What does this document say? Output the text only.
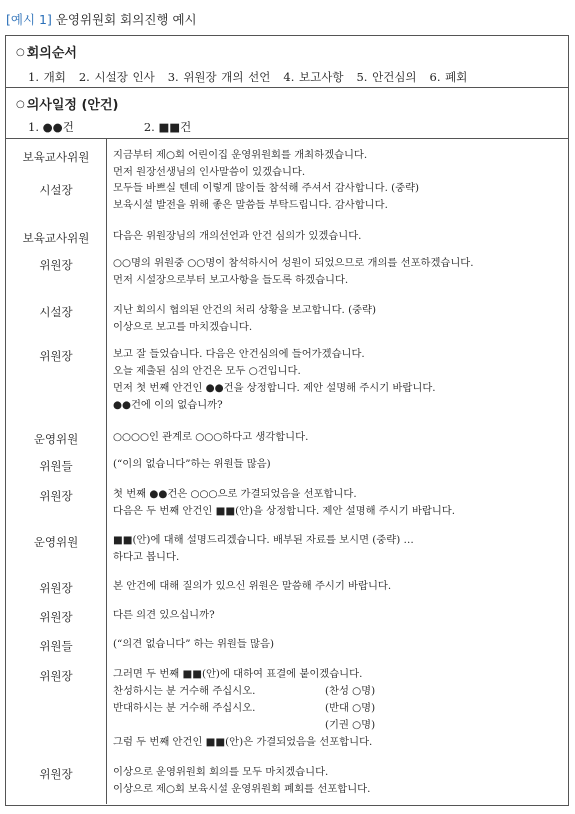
[예시 1] 운영위원회 회의진행 예시
○ 회의순서
1. 개회 2. 시설장 인사 3. 위원장 개의 선언 4. 보고사항 5. 안건심의 6. 폐회
○ 의사일정 (안건)
1. ●●건	2. ■■건
보육교사위원	지금부터 제○회 어린이집 운영위원회를 개최하겠습니다.
먼저 원장선생님의 인사말씀이 있겠습니다.
시설장	모두들 바쁘실 텐데 이렇게 많이들 참석해 주셔서 감사합니다. (중략)
보육시설 발전을 위해 좋은 말씀들 부탁드립니다. 감사합니다.
보육교사위원	다음은 위원장님의 개의선언과 안건 심의가 있겠습니다.
위원장	○○명의 위원중 ○○명이 참석하시어 성원이 되었으므로 개의를 선포하겠습니다.
먼저 시설장으로부터 보고사항을 들도록 하겠습니다.
시설장	지난 회의시 협의된 안건의 처리 상황을 보고합니다. (중략)
이상으로 보고를 마치겠습니다.
위원장	보고 잘 들었습니다. 다음은 안건심의에 들어가겠습니다.
오늘 제출된 심의 안건은 모두 ○건입니다.
먼저 첫 번째 안건인 ●●건을 상정합니다. 제안 설명해 주시기 바랍니다.
●●건에 이의 없습니까?
운영위원	○○○○인 관계로 ○○○하다고 생각합니다.
위원들	(“이의 없습니다”하는 위원들 많음)
위원장	첫 번째 ●●건은 ○○○으로 가결되었음을 선포합니다.
다음은 두 번째 안건인 ■■(안)을 상정합니다. 제안 설명해 주시기 바랍니다.
운영위원	■■(안)에 대해 설명드리겠습니다. 배부된 자료를 보시면 (중략) …
하다고 봅니다.
위원장	본 안건에 대해 질의가 있으신 위원은 말씀해 주시기 바랍니다.
위원장	다른 의견 있으십니까?
위원들	(“의견 없습니다” 하는 위원들 많음)
위원장	그러면 두 번째 ■■(안)에 대하여 표결에 붙이겠습니다.
찬성하시는 분 거수해 주십시오.	(찬성 ○명)
반대하시는 분 거수해 주십시오.	(반대 ○명)
(기권 ○명)
그럼 두 번째 안건인 ■■(안)은 가결되었음을 선포합니다.
위원장	이상으로 운영위원회 회의를 모두 마치겠습니다.
이상으로 제○회 보육시설 운영위원회 폐회를 선포합니다.
